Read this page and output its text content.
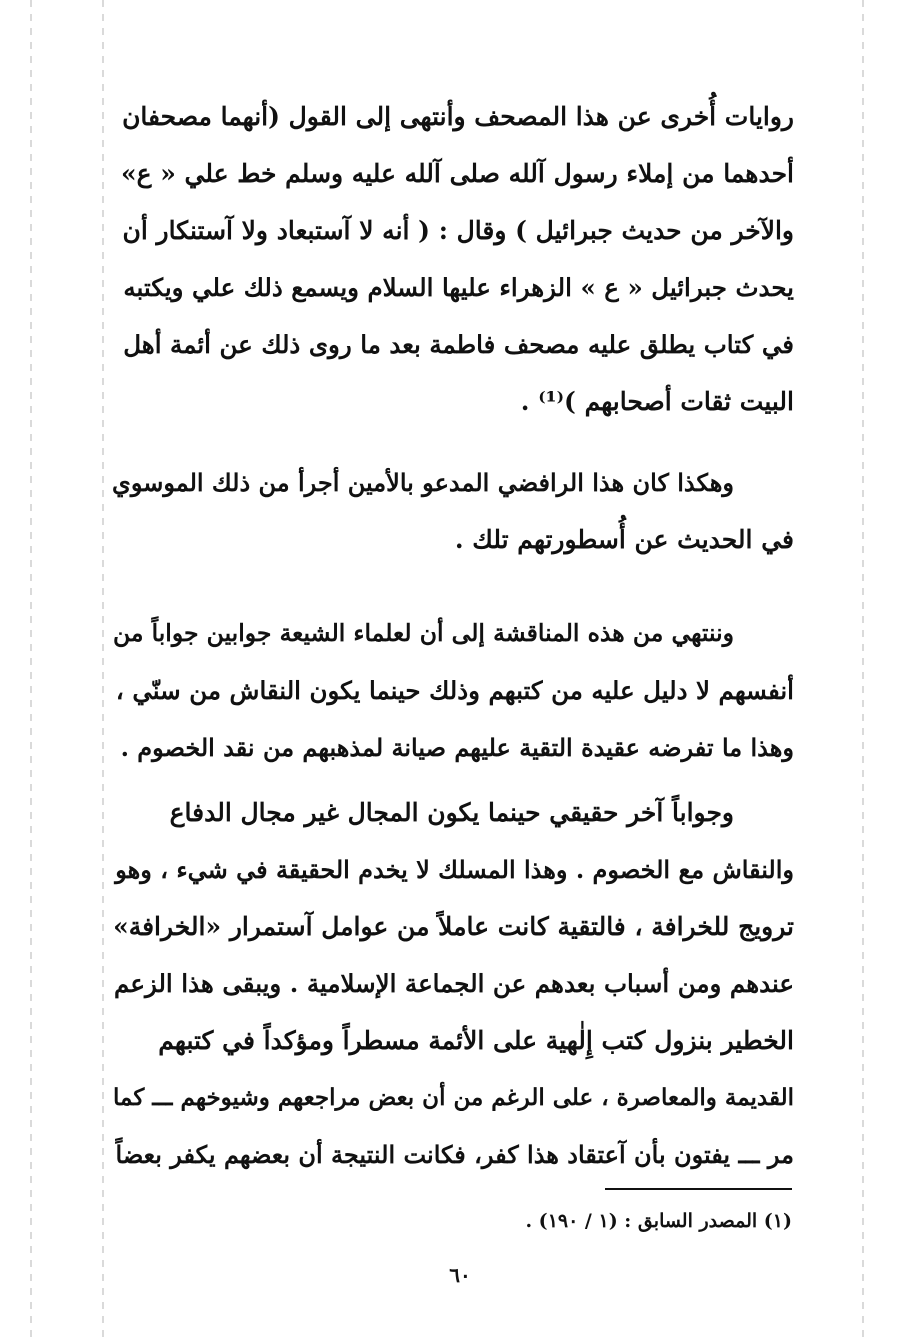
روايات أُخرى عن هذا المصحف وأنتهى إلى القول (أنهما مصحفان
أحدهما من إملاء رسول آلله صلى آلله عليه وسلم خط علي « ع»
والآخر من حديث جبرائيل ) وقال : ( أنه لا آستبعاد ولا آستنكار أن
يحدث جبرائيل « ع » الزهراء عليها السلام ويسمع ذلك علي ويكتبه
في كتاب يطلق عليه مصحف فاطمة بعد ما روى ذلك عن أئمة أهل
البيت ثقات أصحابهم )⁽¹⁾ .
وهكذا كان هذا الرافضي المدعو بالأمين أجرأ من ذلك الموسوي
في الحديث عن أُسطورتهم تلك .
وننتهي من هذه المناقشة إلى أن لعلماء الشيعة جوابين جواباً من
أنفسهم لا دليل عليه من كتبهم وذلك حينما يكون النقاش من سنّي ،
وهذا ما تفرضه عقيدة التقية عليهم صيانة لمذهبهم من نقد الخصوم .
وجواباً آخر حقيقي حينما يكون المجال غير مجال الدفاع
والنقاش مع الخصوم . وهذا المسلك لا يخدم الحقيقة في شيء ، وهو
ترويج للخرافة ، فالتقية كانت عاملاً من عوامل آستمرار «الخرافة»
عندهم ومن أسباب بعدهم عن الجماعة الإسلامية . ويبقى هذا الزعم
الخطير بنزول كتب إِلٰهية على الأئمة مسطراً ومؤكداً في كتبهم
القديمة والمعاصرة ، على الرغم من أن بعض مراجعهم وشيوخهم ـــ كما
مر ـــ يفتون بأن آعتقاد هذا كفر، فكانت النتيجة أن بعضهم يكفر بعضاً
(١) المصدر السابق : (١ / ١٩٠) .
٦٠
